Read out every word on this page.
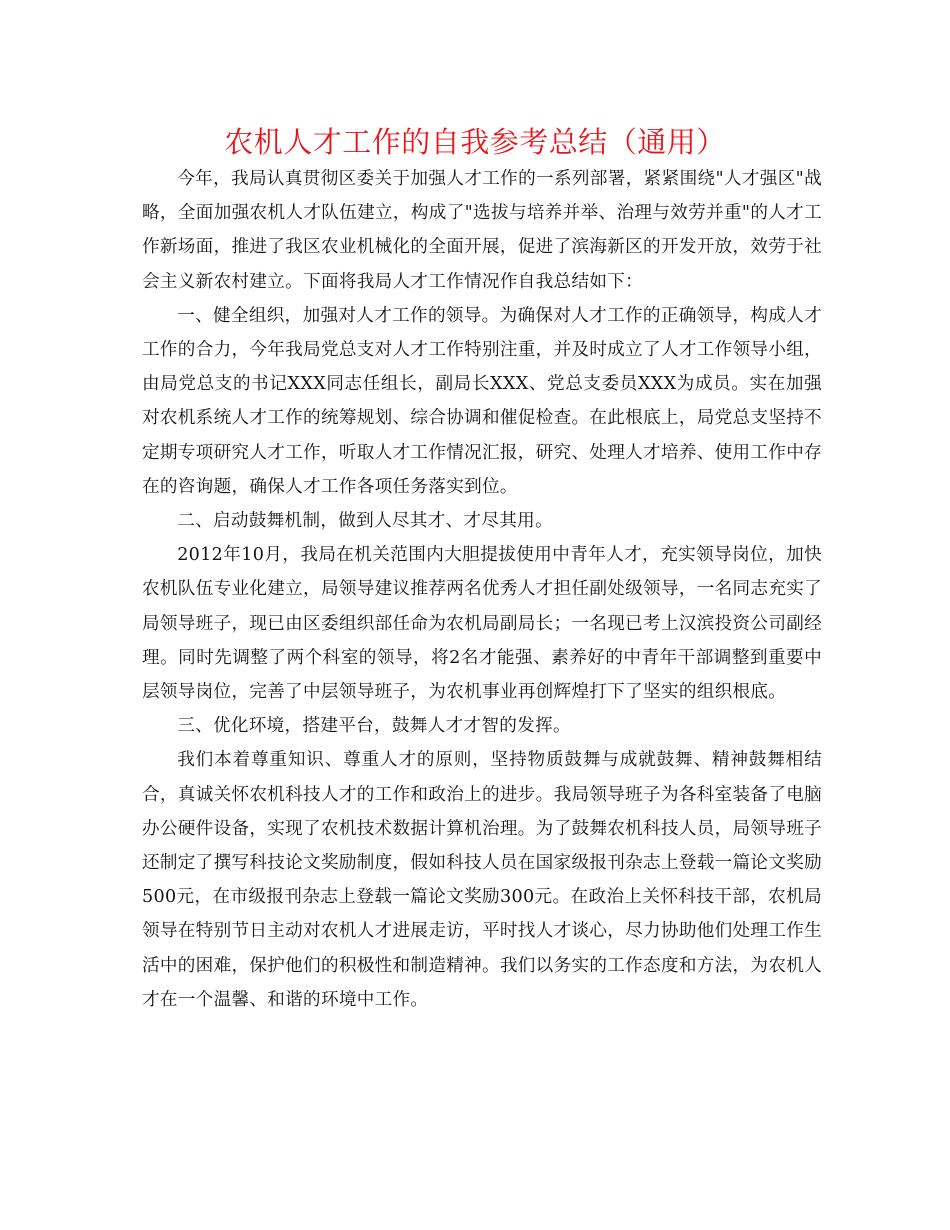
农机人才工作的自我参考总结（通用）

今年，我局认真贯彻区委关于加强人才工作的一系列部署，紧紧围绕"人才强区"战略，全面加强农机人才队伍建立，构成了"选拔与培养并举、治理与效劳并重"的人才工作新场面，推进了我区农业机械化的全面开展，促进了滨海新区的开发开放，效劳于社会主义新农村建立。下面将我局人才工作情况作自我总结如下：

一、健全组织，加强对人才工作的领导。为确保对人才工作的正确领导，构成人才工作的合力，今年我局党总支对人才工作特别注重，并及时成立了人才工作领导小组，由局党总支的书记XXX同志任组长，副局长XXX、党总支委员XXX为成员。实在加强对农机系统人才工作的统筹规划、综合协调和催促检查。在此根底上，局党总支坚持不定期专项研究人才工作，听取人才工作情况汇报，研究、处理人才培养、使用工作中存在的咨询题，确保人才工作各项任务落实到位。

二、启动鼓舞机制，做到人尽其才、才尽其用。

2012年10月，我局在机关范围内大胆提拔使用中青年人才，充实领导岗位，加快农机队伍专业化建立，局领导建议推荐两名优秀人才担任副处级领导，一名同志充实了局领导班子，现已由区委组织部任命为农机局副局长；一名现已考上汉滨投资公司副经理。同时先调整了两个科室的领导，将2名才能强、素养好的中青年干部调整到重要中层领导岗位，完善了中层领导班子，为农机事业再创辉煌打下了坚实的组织根底。

三、优化环境，搭建平台，鼓舞人才才智的发挥。

我们本着尊重知识、尊重人才的原则，坚持物质鼓舞与成就鼓舞、精神鼓舞相结合，真诚关怀农机科技人才的工作和政治上的进步。我局领导班子为各科室装备了电脑办公硬件设备，实现了农机技术数据计算机治理。为了鼓舞农机科技人员，局领导班子还制定了撰写科技论文奖励制度，假如科技人员在国家级报刊杂志上登载一篇论文奖励500元，在市级报刊杂志上登载一篇论文奖励300元。在政治上关怀科技干部，农机局领导在特别节日主动对农机人才进展走访，平时找人才谈心，尽力协助他们处理工作生活中的困难，保护他们的积极性和制造精神。我们以务实的工作态度和方法，为农机人才在一个温馨、和谐的环境中工作。
